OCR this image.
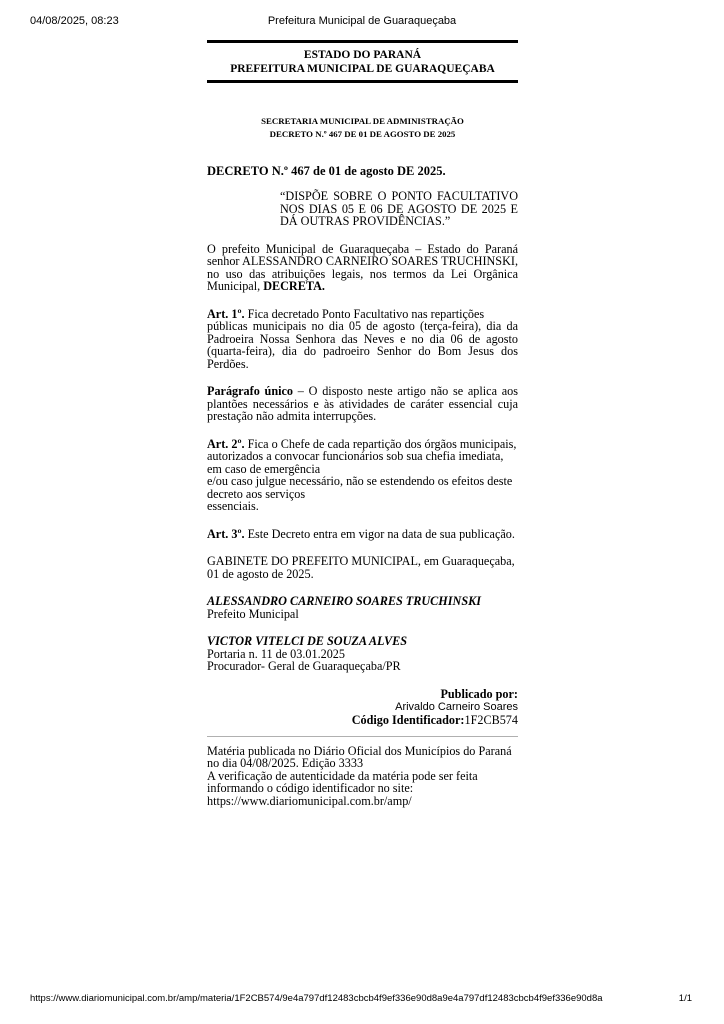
04/08/2025, 08:23	Prefeitura Municipal de Guaraqueçaba
ESTADO DO PARANÁ
PREFEITURA MUNICIPAL DE GUARAQUEÇABA
SECRETARIA MUNICIPAL DE ADMINISTRAÇÃO
DECRETO N.º 467 DE 01 DE AGOSTO DE 2025
DECRETO N.º 467 de 01 de agosto DE 2025.
“DISPÕE SOBRE O PONTO FACULTATIVO NOS DIAS 05 E 06 DE AGOSTO DE 2025 E DÁ OUTRAS PROVIDÊNCIAS.”

O prefeito Municipal de Guaraqueçaba – Estado do Paraná senhor ALESSANDRO CARNEIRO SOARES TRUCHINSKI, no uso das atribuições legais, nos termos da Lei Orgânica Municipal, DECRETA.

Art. 1º. Fica decretado Ponto Facultativo nas repartições
públicas municipais no dia 05 de agosto (terça-feira), dia da Padroeira Nossa Senhora das Neves e no dia 06 de agosto (quarta-feira), dia do padroeiro Senhor do Bom Jesus dos Perdões.

Parágrafo único – O disposto neste artigo não se aplica aos plantões necessários e às atividades de caráter essencial cuja prestação não admita interrupções.

Art. 2º. Fica o Chefe de cada repartição dos órgãos municipais,
autorizados a convocar funcionários sob sua chefia imediata,
em caso de emergência
e/ou caso julgue necessário, não se estendendo os efeitos deste
decreto aos serviços
essenciais.

Art. 3º. Este Decreto entra em vigor na data de sua publicação.

GABINETE DO PREFEITO MUNICIPAL, em Guaraqueçaba, 01 de agosto de 2025.

ALESSANDRO CARNEIRO SOARES TRUCHINSKI
Prefeito Municipal
VICTOR VITELCI DE SOUZA ALVES
Portaria n. 11 de 03.01.2025
Procurador- Geral de Guaraqueçaba/PR
Publicado por:
Arivaldo Carneiro Soares
Código Identificador:1F2CB574
Matéria publicada no Diário Oficial dos Municípios do Paraná
no dia 04/08/2025. Edição 3333
A verificação de autenticidade da matéria pode ser feita
informando o código identificador no site:
https://www.diariomunicipal.com.br/amp/
https://www.diariomunicipal.com.br/amp/materia/1F2CB574/9e4a797df12483cbcb4f9ef336e90d8a9e4a797df12483cbcb4f9ef336e90d8a	1/1
